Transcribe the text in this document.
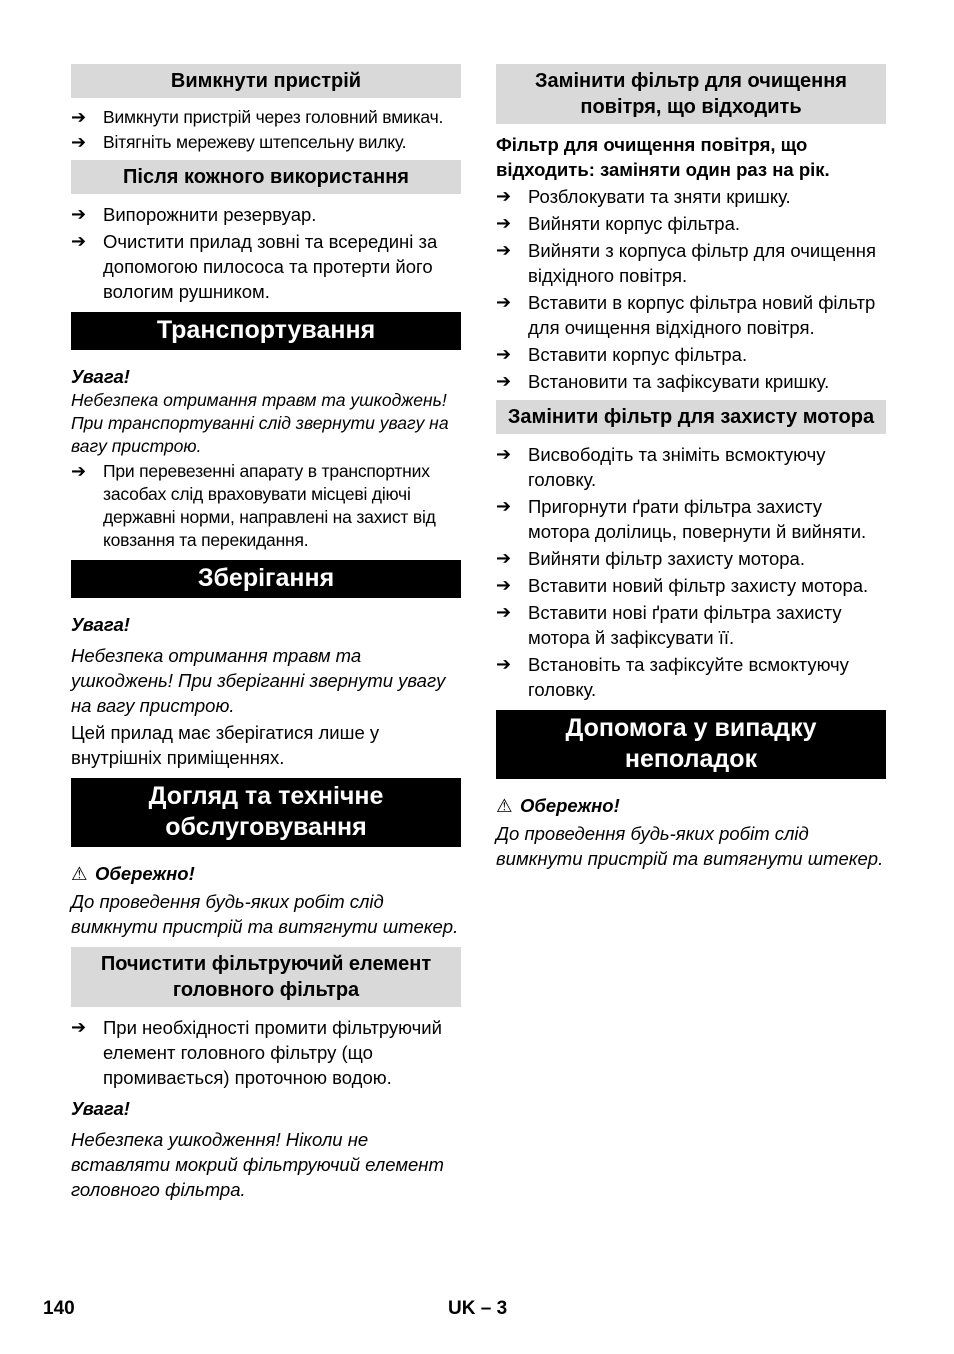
Вимкнути пристрій
➔ Вимкнути пристрій через головний вмикач.
➔ Вітягніть мережеву штепсельну вилку.
Після кожного використання
➔ Випорожнити резервуар.
➔ Очистити прилад зовні та всередині за допомогою пилососа та протерти його вологим рушником.
Транспортування

Увага!

Небезпека отримання травм та ушкоджень! При транспортуванні слід звернути увагу на вагу пристрою.

➔ При перевезенні апарату в транспортних засобах слід враховувати місцеві діючі державні норми, направлені на захист від ковзання та перекидання.
Зберігання

Увага!

Небезпека отримання травм та ушкоджень! При зберіганні звернути увагу на вагу пристрою.

Цей прилад має зберігатися лише у внутрішніх приміщеннях.

Догляд та технічне обслуговування

⚠ Обережно!

До проведення будь-яких робіт слід вимкнути пристрій та витягнути штекер.

Почистити фільтруючий елемент головного фільтра
➔ При необхідності промити фільтруючий елемент головного фільтру (що промивається) проточною водою.

Увага!

Небезпека ушкодження! Ніколи не вставляти мокрий фільтруючий елемент головного фільтра.

Замінити фільтр для очищення повітря, що відходить

Фільтр для очищення повітря, що відходить: заміняти один раз на рік.

➔ Розблокувати та зняти кришку.
➔ Вийняти корпус фільтра.
➔ Вийняти з корпуса фільтр для очищення відхідного повітря.
➔ Вставити в корпус фільтра новий фільтр для очищення відхідного повітря.
➔ Вставити корпус фільтра.
➔ Встановити та зафіксувати кришку.
Замінити фільтр для захисту мотора
➔ Висвободіть та зніміть всмоктуючу головку.
➔ Пригорнути ґрати фільтра захисту мотора долілиць, повернути й вийняти.
➔ Вийняти фільтр захисту мотора.
➔ Вставити новий фільтр захисту мотора.
➔ Вставити нові ґрати фільтра захисту мотора й зафіксувати її.
➔ Встановіть та зафіксуйте всмоктуючу головку.
Допомога у випадку неполадок

⚠ Обережно!

До проведення будь-яких робіт слід вимкнути пристрій та витягнути штекер.

140	UK – 3
